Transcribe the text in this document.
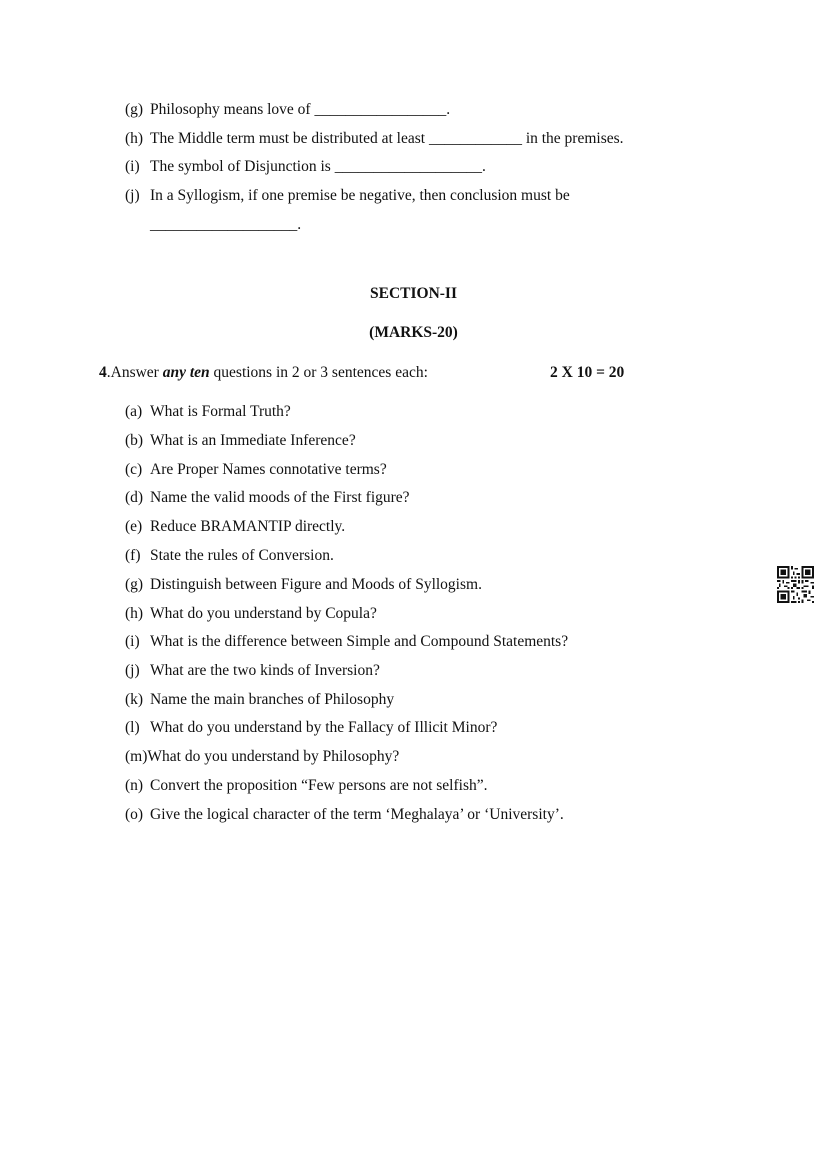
(g) Philosophy means love of _________________.
(h) The Middle term must be distributed at least ____________ in the premises.
(i) The symbol of Disjunction is ___________________.
(j) In a Syllogism, if one premise be negative, then conclusion must be
___________________.
SECTION-II
(MARKS-20)
4.Answer any ten questions in 2 or 3 sentences each:	2 X 10 = 20
(a) What is Formal Truth?
(b) What is an Immediate Inference?
(c) Are Proper Names connotative terms?
(d) Name the valid moods of the First figure?
(e) Reduce BRAMANTIP directly.
(f) State the rules of Conversion.
(g) Distinguish between Figure and Moods of Syllogism.
(h) What do you understand by Copula?
(i) What is the difference between Simple and Compound Statements?
(j) What are the two kinds of Inversion?
(k) Name the main branches of Philosophy
(l) What do you understand by the Fallacy of Illicit Minor?
(m)What do you understand by Philosophy?
(n) Convert the proposition “Few persons are not selfish”.
(o) Give the logical character of the term ‘Meghalaya’ or ‘University’.
